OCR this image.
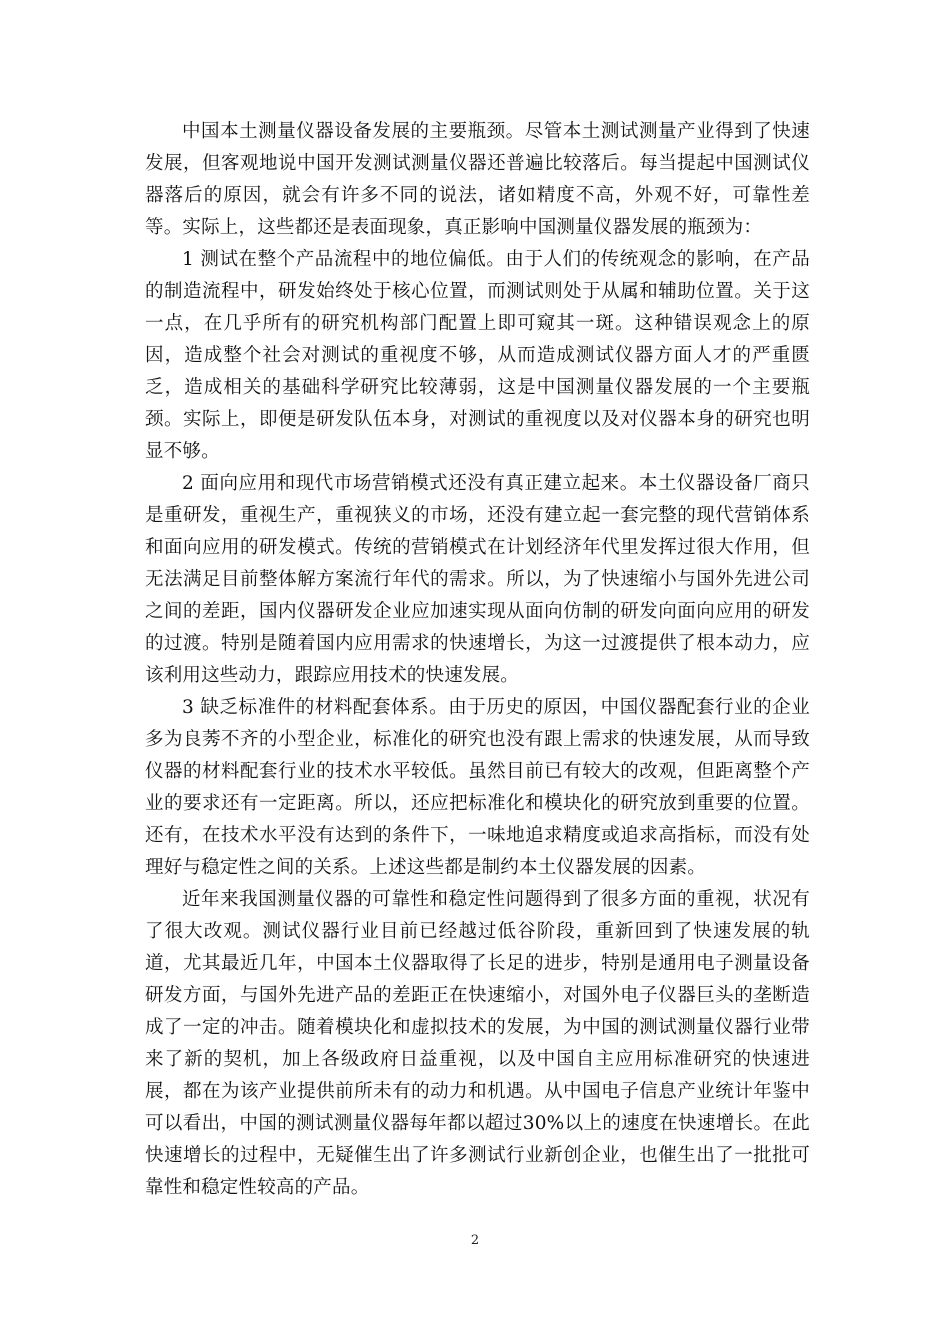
中国本土测量仪器设备发展的主要瓶颈。尽管本土测试测量产业得到了快速发展，但客观地说中国开发测试测量仪器还普遍比较落后。每当提起中国测试仪器落后的原因，就会有许多不同的说法，诸如精度不高，外观不好，可靠性差等。实际上，这些都还是表面现象，真正影响中国测量仪器发展的瓶颈为：

1 测试在整个产品流程中的地位偏低。由于人们的传统观念的影响，在产品的制造流程中，研发始终处于核心位置，而测试则处于从属和辅助位置。关于这一点，在几乎所有的研究机构部门配置上即可窥其一斑。这种错误观念上的原因，造成整个社会对测试的重视度不够，从而造成测试仪器方面人才的严重匮乏，造成相关的基础科学研究比较薄弱，这是中国测量仪器发展的一个主要瓶颈。实际上，即便是研发队伍本身，对测试的重视度以及对仪器本身的研究也明显不够。

2 面向应用和现代市场营销模式还没有真正建立起来。本土仪器设备厂商只是重研发，重视生产，重视狭义的市场，还没有建立起一套完整的现代营销体系和面向应用的研发模式。传统的营销模式在计划经济年代里发挥过很大作用，但无法满足目前整体解方案流行年代的需求。所以，为了快速缩小与国外先进公司之间的差距，国内仪器研发企业应加速实现从面向仿制的研发向面向应用的研发的过渡。特别是随着国内应用需求的快速增长，为这一过渡提供了根本动力，应该利用这些动力，跟踪应用技术的快速发展。

3 缺乏标准件的材料配套体系。由于历史的原因，中国仪器配套行业的企业多为良莠不齐的小型企业，标准化的研究也没有跟上需求的快速发展，从而导致仪器的材料配套行业的技术水平较低。虽然目前已有较大的改观，但距离整个产业的要求还有一定距离。所以，还应把标准化和模块化的研究放到重要的位置。还有，在技术水平没有达到的条件下，一味地追求精度或追求高指标，而没有处理好与稳定性之间的关系。上述这些都是制约本土仪器发展的因素。

近年来我国测量仪器的可靠性和稳定性问题得到了很多方面的重视，状况有了很大改观。测试仪器行业目前已经越过低谷阶段，重新回到了快速发展的轨道，尤其最近几年，中国本土仪器取得了长足的进步，特别是通用电子测量设备研发方面，与国外先进产品的差距正在快速缩小，对国外电子仪器巨头的垄断造成了一定的冲击。随着模块化和虚拟技术的发展，为中国的测试测量仪器行业带来了新的契机，加上各级政府日益重视，以及中国自主应用标准研究的快速进展，都在为该产业提供前所未有的动力和机遇。从中国电子信息产业统计年鉴中可以看出，中国的测试测量仪器每年都以超过30%以上的速度在快速增长。在此快速增长的过程中，无疑催生出了许多测试行业新创企业，也催生出了一批批可靠性和稳定性较高的产品。

2
